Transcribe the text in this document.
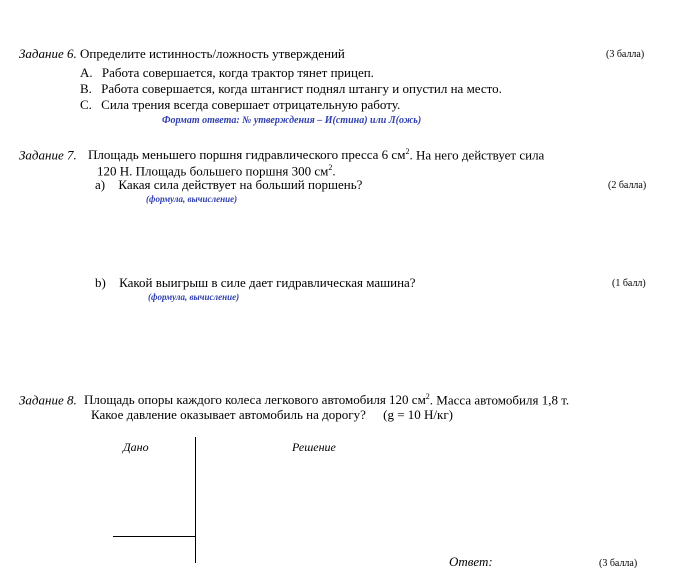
Задание 6. Определите истинность/ложность утверждений	(3 балла)
A. Работа совершается, когда трактор тянет прицеп.
B. Работа совершается, когда штангист поднял штангу и опустил на место.
C. Сила трения всегда совершает отрицательную работу.
Формат ответа: № утверждения – И(стина) или Л(ожь)
Задание 7. Площадь меньшего поршня гидравлического пресса 6 $см^2$. На него действует сила
120 Н. Площадь большего поршня 300 $см^2$.
a) Какая сила действует на больший поршень?	(2 балла)
(формула, вычисление)
b) Какой выигрыш в силе дает гидравлическая машина?	(1 балл)
(формула, вычисление)
Задание 8. Площадь опоры каждого колеса легкового автомобиля 120 $см^2$. Масса автомобиля 1,8 т.
Какое давление оказывает автомобиль на дорогу? (g = 10 Н/кг)
Дано	Решение
Ответ:	(3 балла)
